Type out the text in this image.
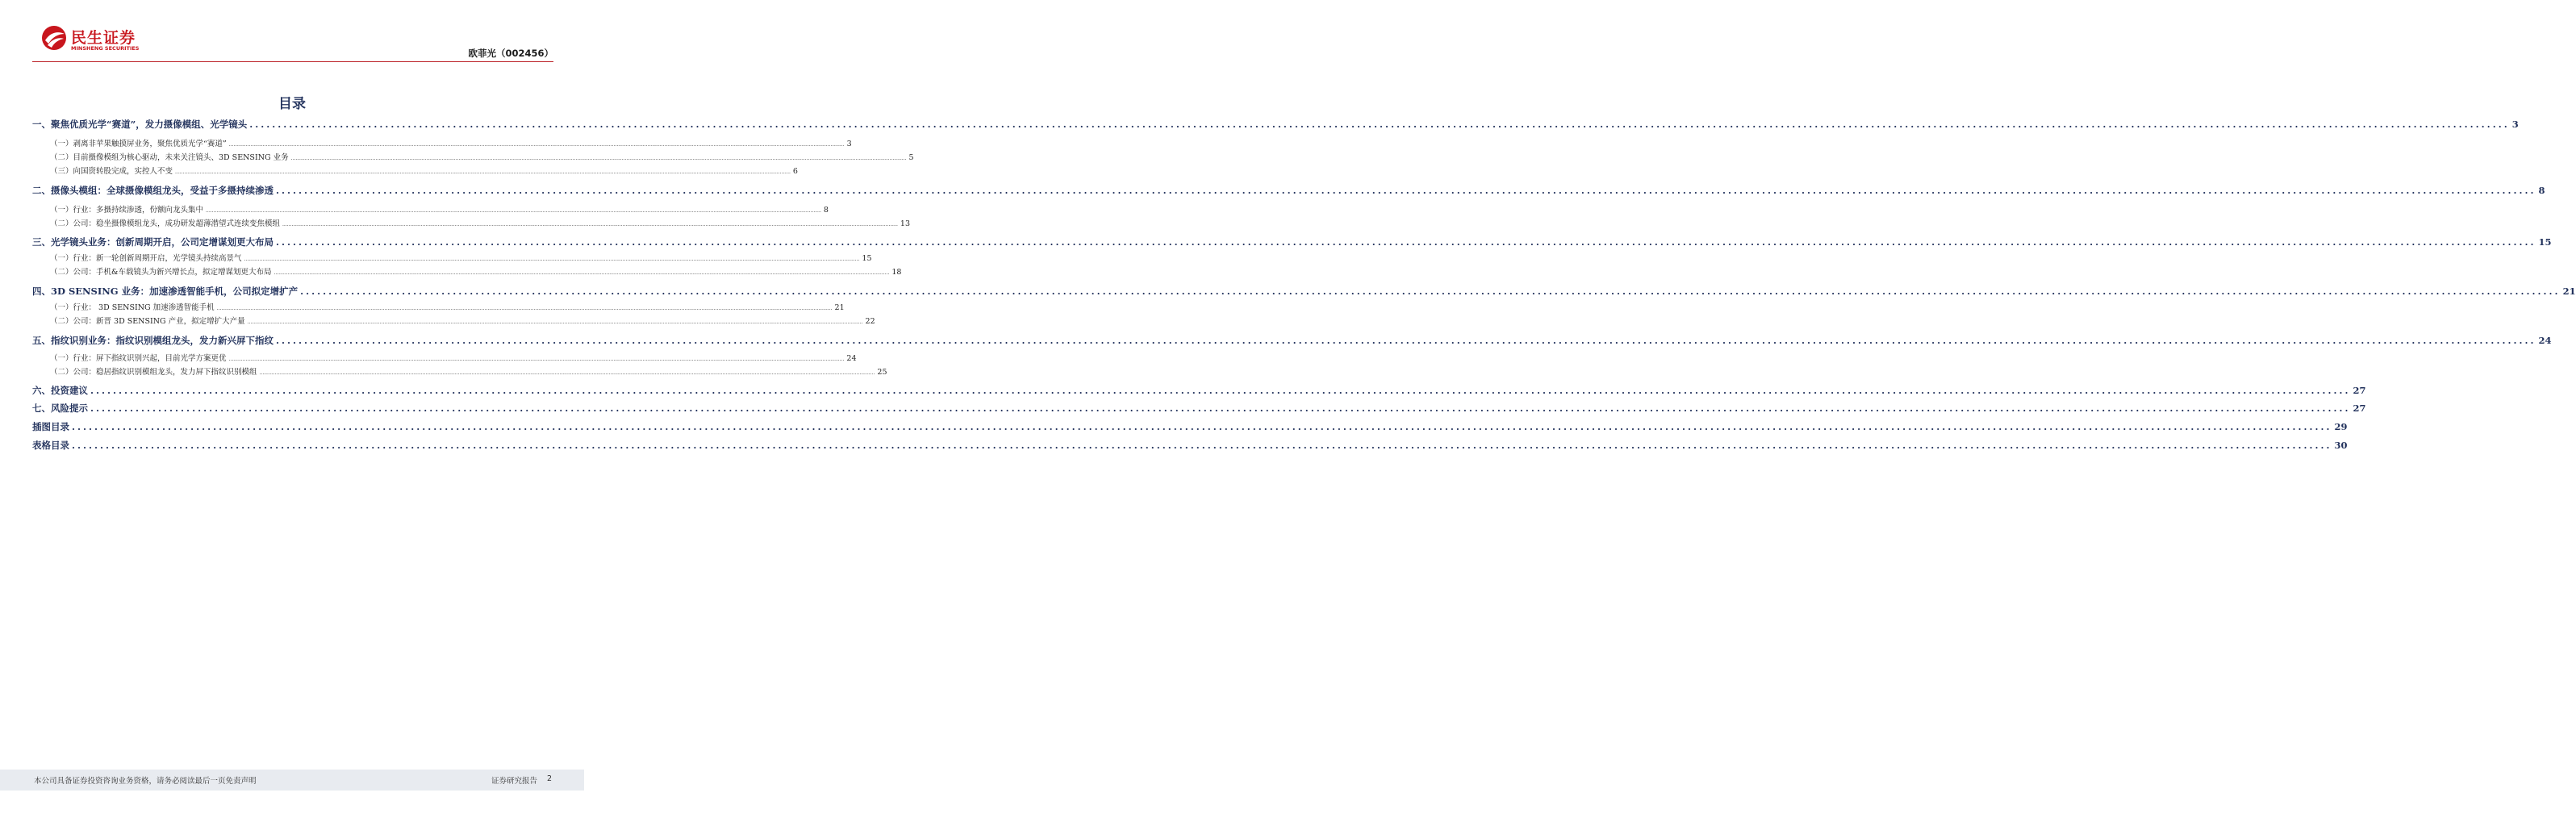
民生证券
MINSHENG SECURITIES	欧菲光（002456）
目录
一、聚焦优质光学“赛道”，发力摄像模组、光学镜头 ................................................................................................................................................................................................................................................................................................................................................................................................................ 3
（一）剥离非苹果触摸屏业务，聚焦优质光学“赛道” ................................................................................................................................................................................................................................................................................................................................................................................................................ 3
（二）目前摄像模组为核心驱动，未来关注镜头、3D SENSING 业务 ................................................................................................................................................................................................................................................................................................................................................................................................................ 5
（三）向国资转股完成，实控人不变 ................................................................................................................................................................................................................................................................................................................................................................................................................ 6
二、摄像头模组：全球摄像模组龙头，受益于多摄持续渗透 ................................................................................................................................................................................................................................................................................................................................................................................................................ 8
（一）行业：多摄持续渗透，份额向龙头集中 ................................................................................................................................................................................................................................................................................................................................................................................................................ 8
（二）公司：稳坐摄像模组龙头，成功研发超薄潜望式连续变焦模组 ................................................................................................................................................................................................................................................................................................................................................................................................................ 13
三、光学镜头业务：创新周期开启，公司定增谋划更大布局 ................................................................................................................................................................................................................................................................................................................................................................................................................ 15
（一）行业：新一轮创新周期开启，光学镜头持续高景气 ................................................................................................................................................................................................................................................................................................................................................................................................................ 15
（二）公司：手机&车载镜头为新兴增长点，拟定增谋划更大布局 ................................................................................................................................................................................................................................................................................................................................................................................................................ 18
四、3D SENSING 业务：加速渗透智能手机，公司拟定增扩产 ................................................................................................................................................................................................................................................................................................................................................................................................................ 21
（一）行业： 3D SENSING 加速渗透智能手机 ................................................................................................................................................................................................................................................................................................................................................................................................................ 21
（二）公司：新晋 3D SENSING 产业，拟定增扩大产量 ................................................................................................................................................................................................................................................................................................................................................................................................................ 22
五、指纹识别业务：指纹识别模组龙头，发力新兴屏下指纹 ................................................................................................................................................................................................................................................................................................................................................................................................................ 24
（一）行业：屏下指纹识别兴起，目前光学方案更优 ................................................................................................................................................................................................................................................................................................................................................................................................................ 24
（二）公司：稳居指纹识别模组龙头，发力屏下指纹识别模组 ................................................................................................................................................................................................................................................................................................................................................................................................................ 25
六、投资建议 ................................................................................................................................................................................................................................................................................................................................................................................................................ 27
七、风险提示 ................................................................................................................................................................................................................................................................................................................................................................................................................ 27
插图目录 ................................................................................................................................................................................................................................................................................................................................................................................................................ 29
表格目录 ................................................................................................................................................................................................................................................................................................................................................................................................................ 30
本公司具备证券投资咨询业务资格，请务必阅读最后一页免责声明	证券研究报告 2
